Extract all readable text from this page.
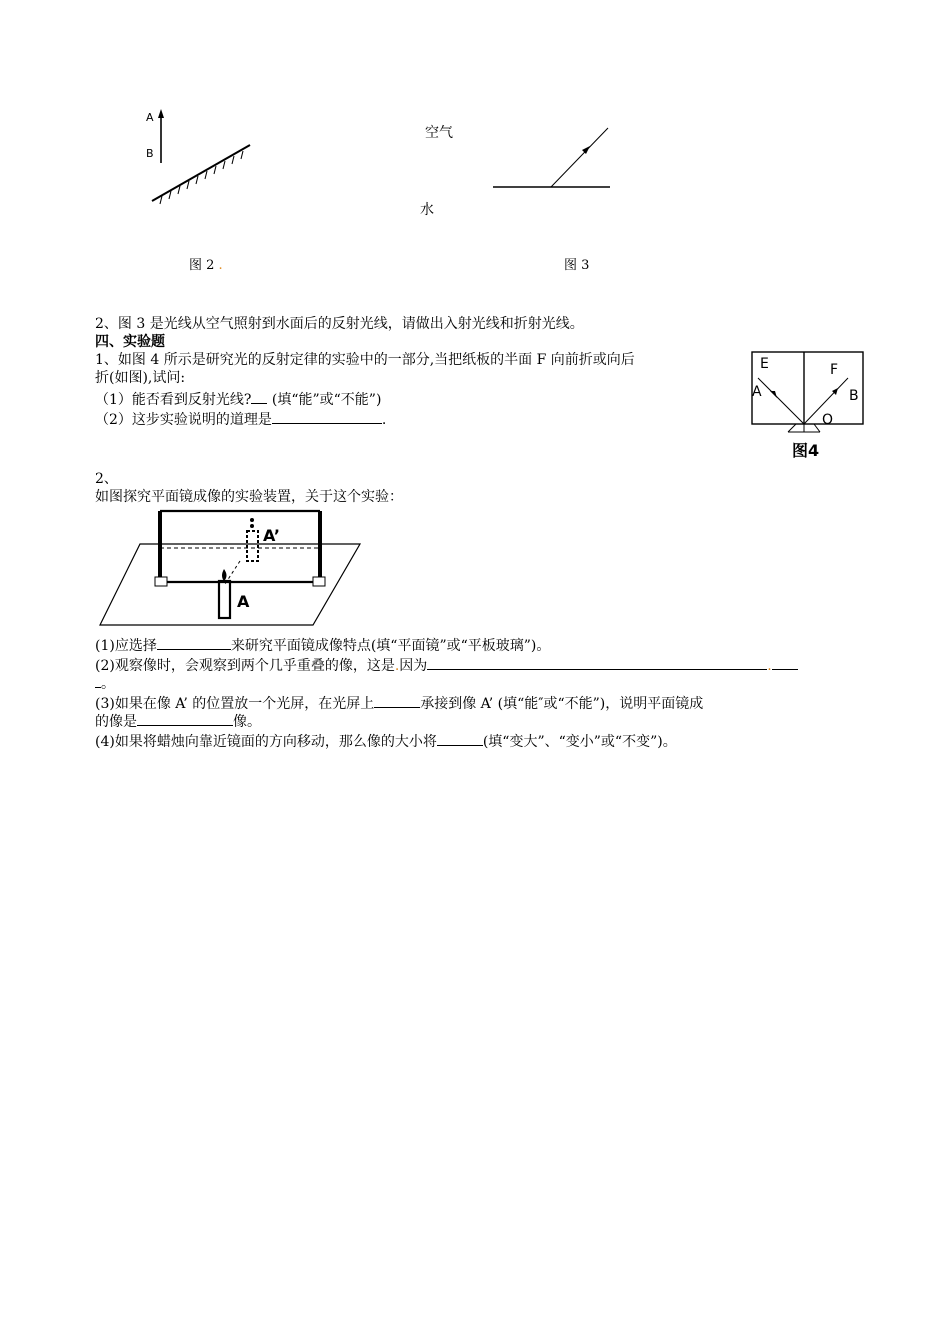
A
B
图 2 .
空气
水
图 3
2、图 3 是光线从空气照射到水面后的反射光线，请做出入射光线和折射光线。
四、实验题
1、如图 4 所示是研究光的反射定律的实验中的一部分,当把纸板的半面 F 向前折或向后
折(如图),试问:
（1）能否看到反射光线? (填“能”或“不能”)
（2）这步实验说明的道理是	.
E	F
A	B
O
图4
2、
如图探究平面镜成像的实验装置，关于这个实验：
A’
A
(1)应选择	来研究平面镜成像特点(填“平面镜”或“平板玻璃”)。
(2)观察像时，会观察到两个几乎重叠的像，这是.因为	.
。
(3)如果在像 A’ 的位置放一个光屏，在光屏上	承接到像 A’ (填“能″或“不能”)，说明平面镜成
的像是	像。
(4)如果将蜡烛向靠近镜面的方向移动，那么像的大小将	(填“变大”、“变小”或“不变”)。
